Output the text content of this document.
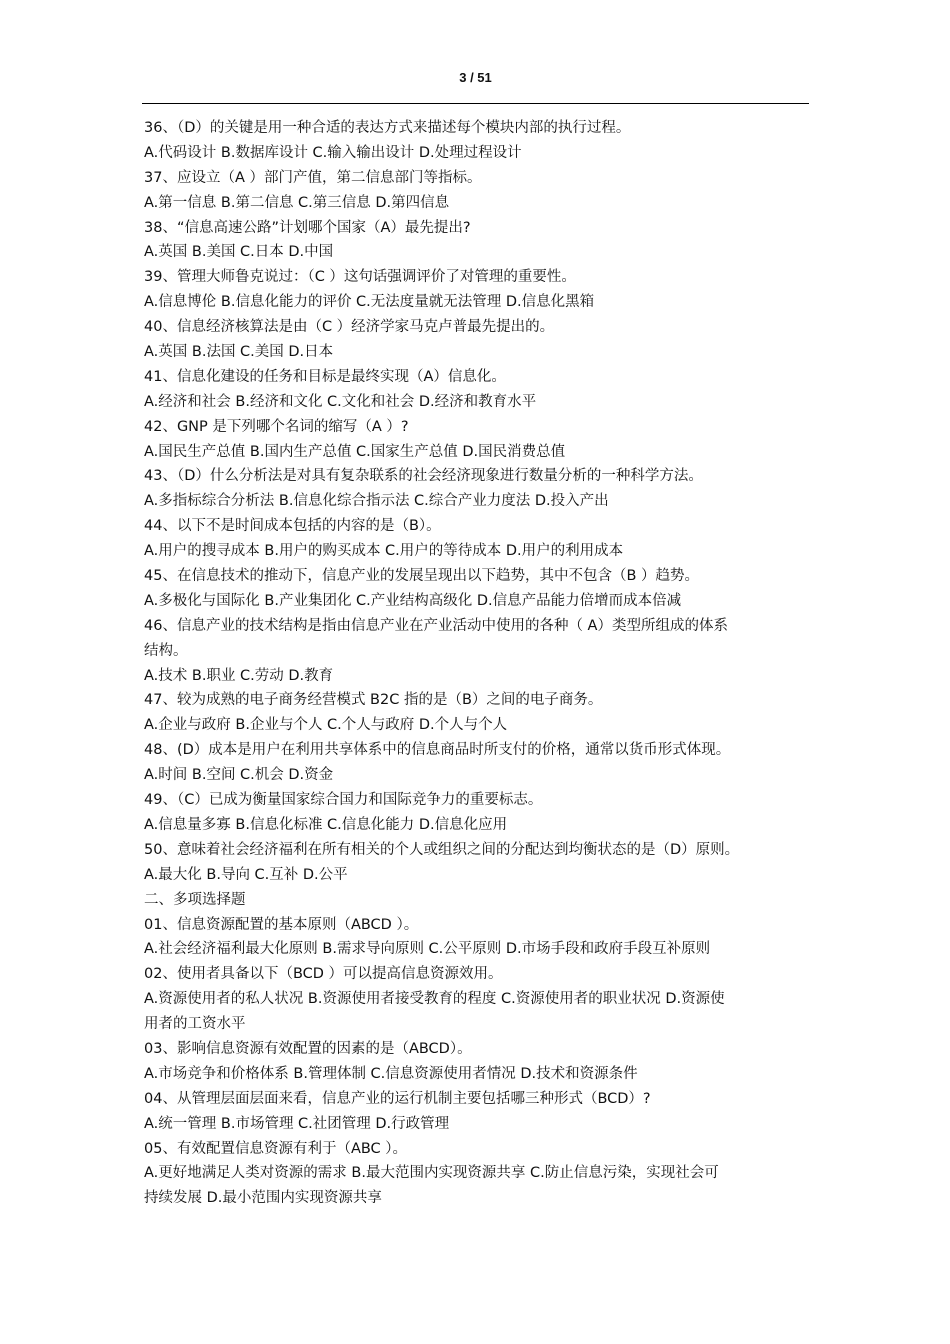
3 / 51
36、（D）的关键是用一种合适的表达方式来描述每个模块内部的执行过程。
A.代码设计 B.数据库设计 C.输入输出设计 D.处理过程设计
37、应设立（A ）部门产值，第二信息部门等指标。
A.第一信息 B.第二信息 C.第三信息 D.第四信息
38、“信息高速公路”计划哪个国家（A）最先提出?
A.英国 B.美国 C.日本 D.中国
39、管理大师鲁克说过：（C ）这句话强调评价了对管理的重要性。
A.信息博伦 B.信息化能力的评价 C.无法度量就无法管理 D.信息化黑箱
40、信息经济核算法是由（C ）经济学家马克卢普最先提出的。
A.英国 B.法国 C.美国 D.日本
41、信息化建设的任务和目标是最终实现（A）信息化。
A.经济和社会 B.经济和文化 C.文化和社会 D.经济和教育水平
42、GNP 是下列哪个名词的缩写（A ）?
A.国民生产总值 B.国内生产总值 C.国家生产总值 D.国民消费总值
43、（D）什么分析法是对具有复杂联系的社会经济现象进行数量分析的一种科学方法。
A.多指标综合分析法 B.信息化综合指示法 C.综合产业力度法 D.投入产出
44、以下不是时间成本包括的内容的是（B）。
A.用户的搜寻成本 B.用户的购买成本 C.用户的等待成本 D.用户的利用成本
45、在信息技术的推动下，信息产业的发展呈现出以下趋势，其中不包含（B ）趋势。
A.多极化与国际化 B.产业集团化 C.产业结构高级化 D.信息产品能力倍增而成本倍减
46、信息产业的技术结构是指由信息产业在产业活动中使用的各种（ A）类型所组成的体系
结构。
A.技术 B.职业 C.劳动 D.教育
47、较为成熟的电子商务经营模式 B2C 指的是（B）之间的电子商务。
A.企业与政府 B.企业与个人 C.个人与政府 D.个人与个人
48、(D）成本是用户在利用共享体系中的信息商品时所支付的价格，通常以货币形式体现。
A.时间 B.空间 C.机会 D.资金
49、（C）已成为衡量国家综合国力和国际竞争力的重要标志。
A.信息量多寡 B.信息化标准 C.信息化能力 D.信息化应用
50、意味着社会经济福利在所有相关的个人或组织之间的分配达到均衡状态的是（D）原则。
A.最大化 B.导向 C.互补 D.公平
二、多项选择题
01、信息资源配置的基本原则（ABCD ）。
A.社会经济福利最大化原则 B.需求导向原则 C.公平原则 D.市场手段和政府手段互补原则
02、使用者具备以下（BCD ）可以提高信息资源效用。
A.资源使用者的私人状况 B.资源使用者接受教育的程度 C.资源使用者的职业状况 D.资源使
用者的工资水平
03、影响信息资源有效配置的因素的是（ABCD）。
A.市场竞争和价格体系 B.管理体制 C.信息资源使用者情况 D.技术和资源条件
04、从管理层面层面来看，信息产业的运行机制主要包括哪三种形式（BCD）?
A.统一管理 B.市场管理 C.社团管理 D.行政管理
05、有效配置信息资源有利于（ABC ）。
A.更好地满足人类对资源的需求 B.最大范围内实现资源共享 C.防止信息污染，实现社会可
持续发展 D.最小范围内实现资源共享
